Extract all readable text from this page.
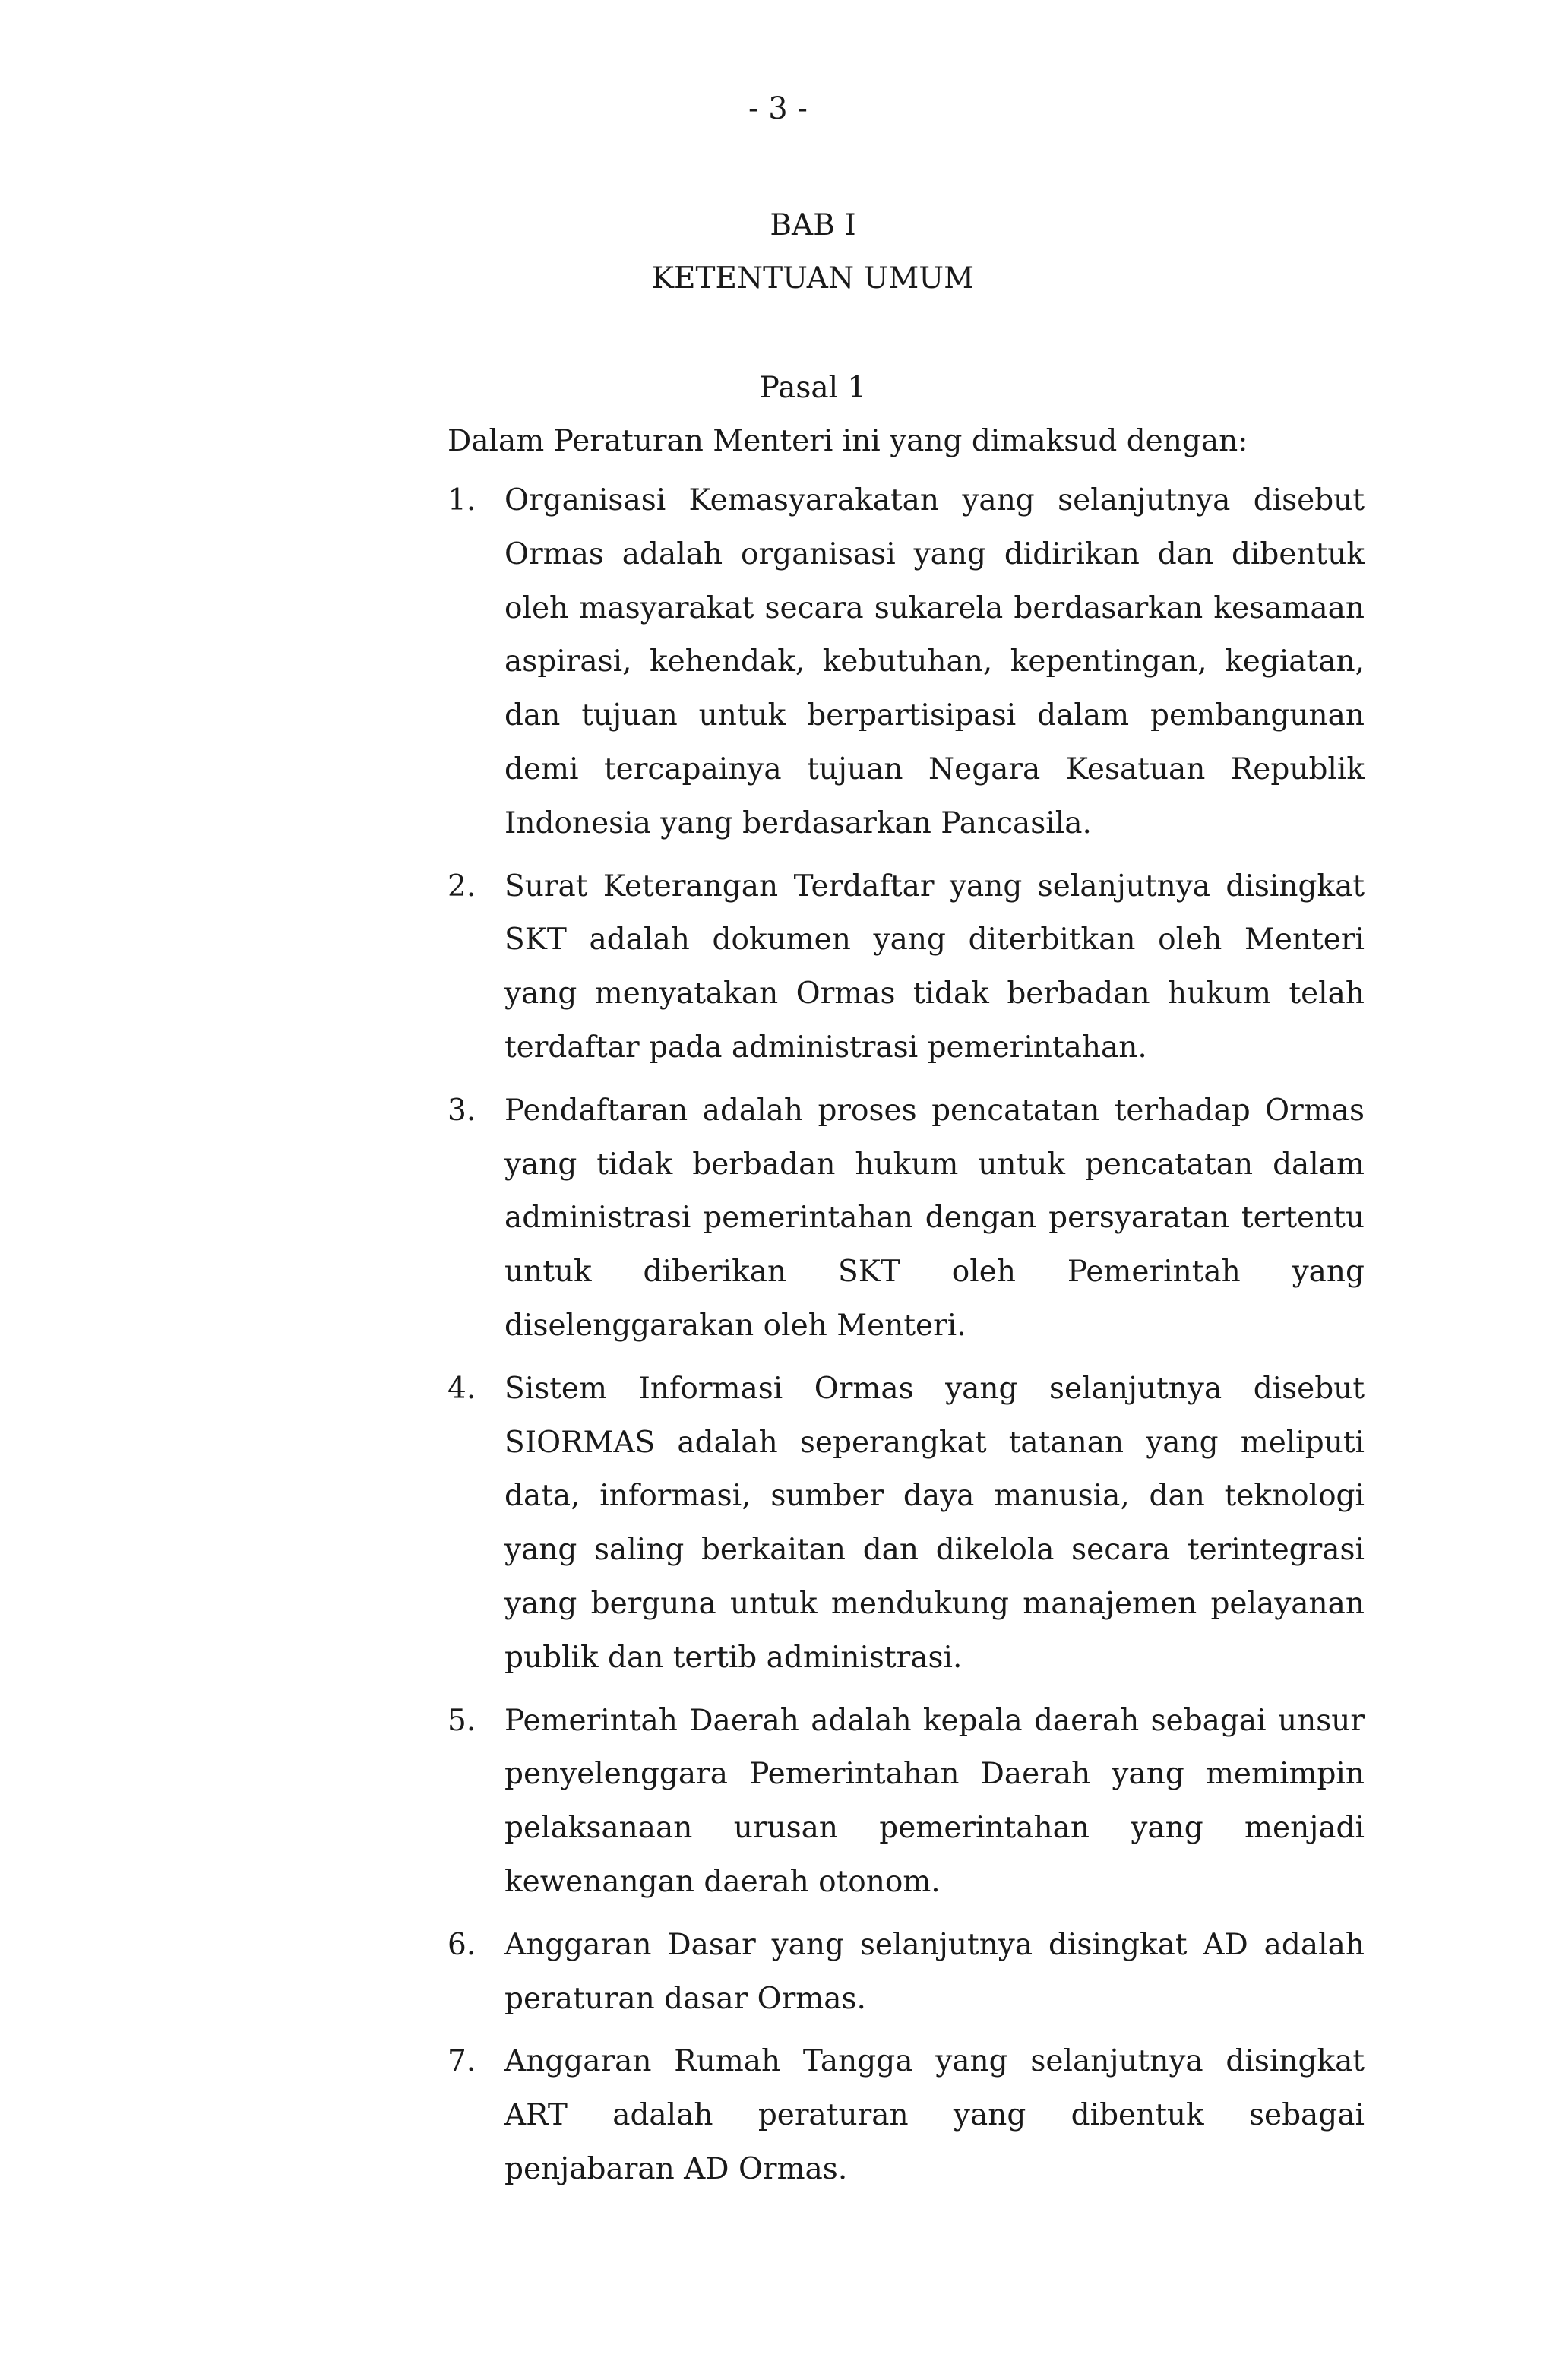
- 3 -
BAB I
KETENTUAN UMUM
Pasal 1
Dalam Peraturan Menteri ini yang dimaksud dengan:
1. Organisasi Kemasyarakatan yang selanjutnya disebut Ormas adalah organisasi yang didirikan dan dibentuk oleh masyarakat secara sukarela berdasarkan kesamaan aspirasi, kehendak, kebutuhan, kepentingan, kegiatan, dan tujuan untuk berpartisipasi dalam pembangunan demi tercapainya tujuan Negara Kesatuan Republik Indonesia yang berdasarkan Pancasila.
2. Surat Keterangan Terdaftar yang selanjutnya disingkat SKT adalah dokumen yang diterbitkan oleh Menteri yang menyatakan Ormas tidak berbadan hukum telah terdaftar pada administrasi pemerintahan.
3. Pendaftaran adalah proses pencatatan terhadap Ormas yang tidak berbadan hukum untuk pencatatan dalam administrasi pemerintahan dengan persyaratan tertentu untuk diberikan SKT oleh Pemerintah yang diselenggarakan oleh Menteri.
4. Sistem Informasi Ormas yang selanjutnya disebut SIORMAS adalah seperangkat tatanan yang meliputi data, informasi, sumber daya manusia, dan teknologi yang saling berkaitan dan dikelola secara terintegrasi yang berguna untuk mendukung manajemen pelayanan publik dan tertib administrasi.
5. Pemerintah Daerah adalah kepala daerah sebagai unsur penyelenggara Pemerintahan Daerah yang memimpin pelaksanaan urusan pemerintahan yang menjadi kewenangan daerah otonom.
6. Anggaran Dasar yang selanjutnya disingkat AD adalah peraturan dasar Ormas.
7. Anggaran Rumah Tangga yang selanjutnya disingkat ART adalah peraturan yang dibentuk sebagai penjabaran AD Ormas.
